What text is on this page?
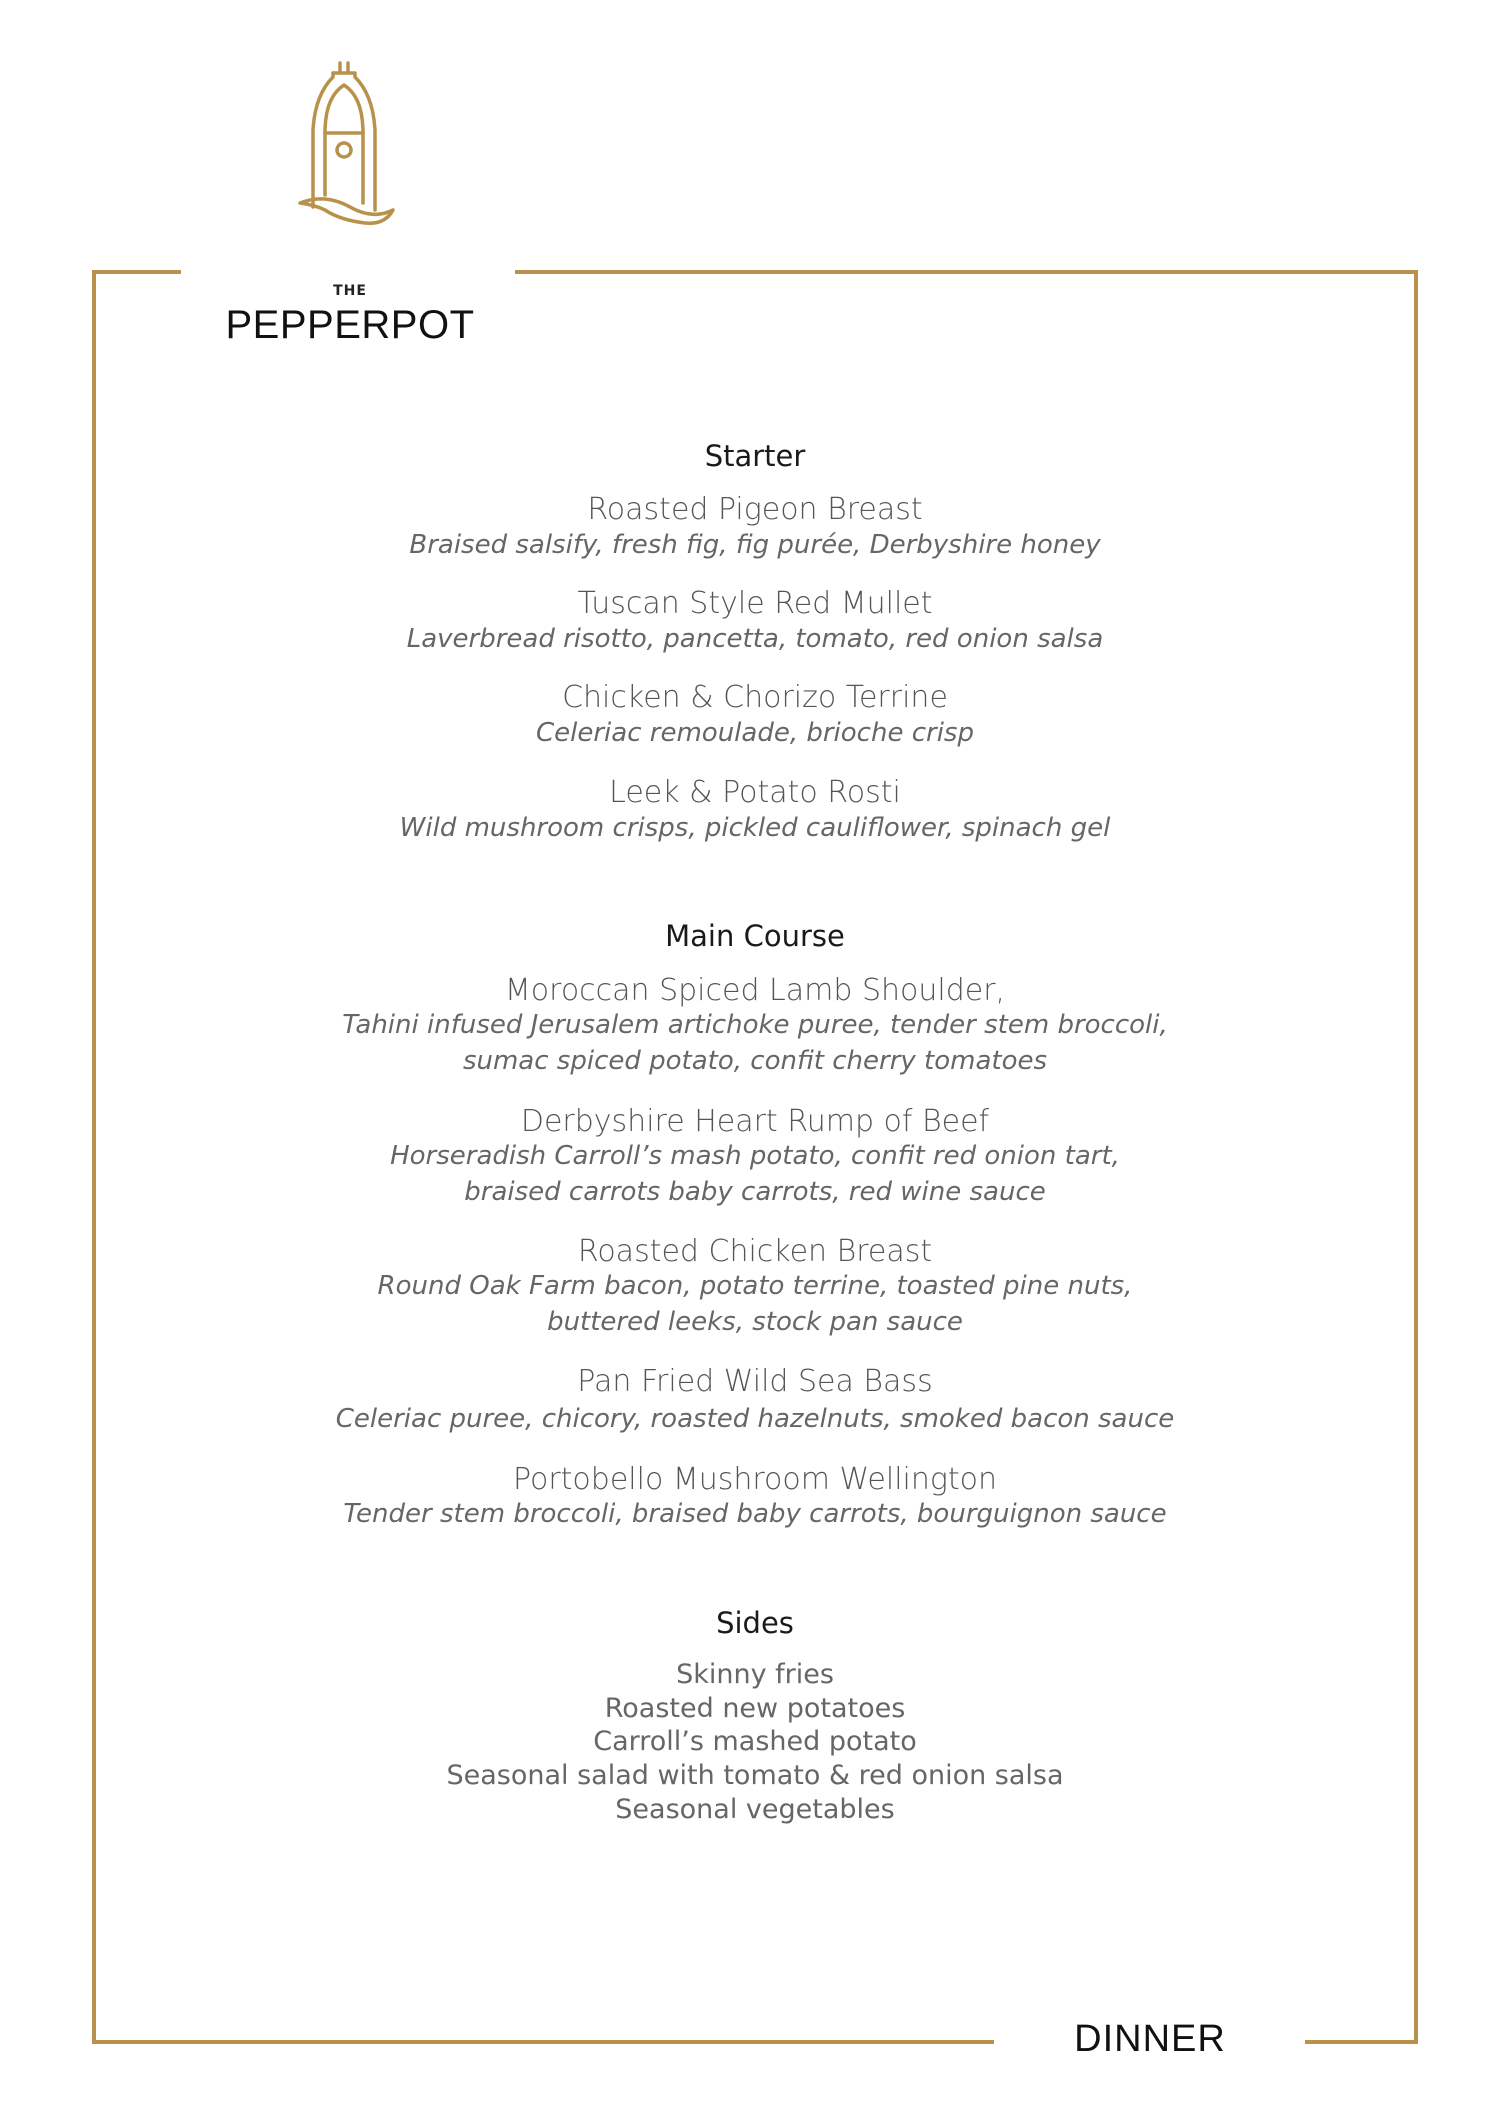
THE
PEPPERPOT
Starter
Roasted Pigeon Breast
Braised salsify, fresh fig, fig purée, Derbyshire honey
Tuscan Style Red Mullet
Laverbread risotto, pancetta, tomato, red onion salsa
Chicken & Chorizo Terrine
Celeriac remoulade, brioche crisp
Leek & Potato Rosti
Wild mushroom crisps, pickled cauliflower, spinach gel
Main Course
Moroccan Spiced Lamb Shoulder,
Tahini infused Jerusalem artichoke puree, tender stem broccoli,
sumac spiced potato, confit cherry tomatoes
Derbyshire Heart Rump of Beef
Horseradish Carroll’s mash potato, confit red onion tart,
braised carrots baby carrots, red wine sauce
Roasted Chicken Breast
Round Oak Farm bacon, potato terrine, toasted pine nuts,
buttered leeks, stock pan sauce
Pan Fried Wild Sea Bass
Celeriac puree, chicory, roasted hazelnuts, smoked bacon sauce
Portobello Mushroom Wellington
Tender stem broccoli, braised baby carrots, bourguignon sauce
Sides
Skinny fries
Roasted new potatoes
Carroll’s mashed potato
Seasonal salad with tomato & red onion salsa
Seasonal vegetables
DINNER
